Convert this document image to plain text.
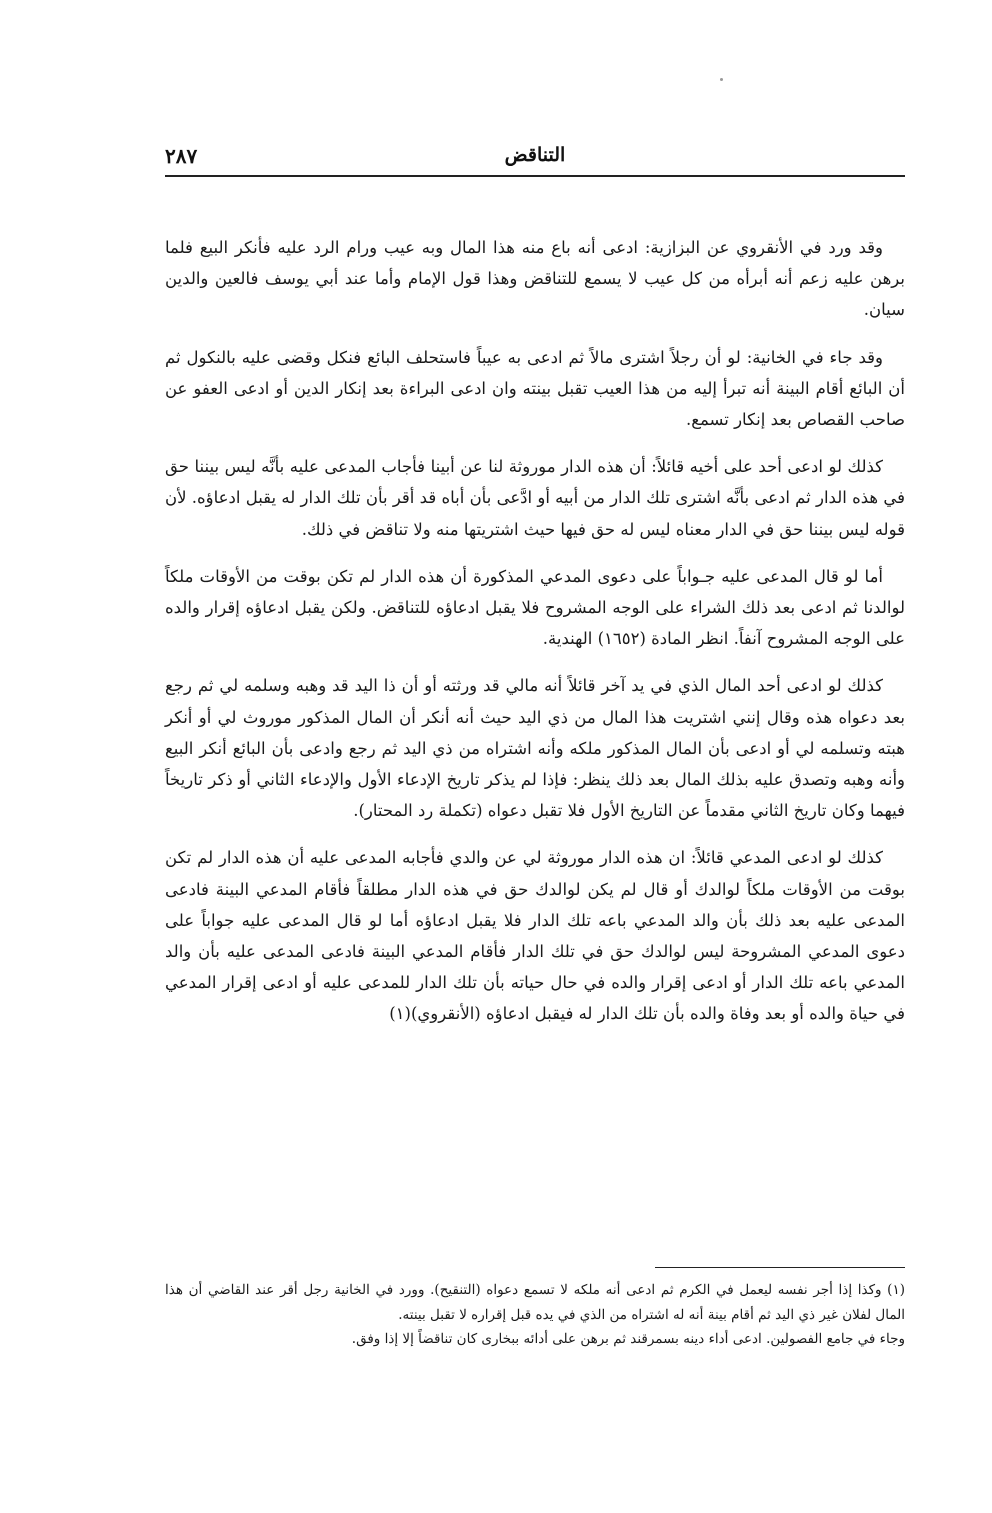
التناقض
٢٨٧

وقد ورد في الأنقروي عن البزازية: ادعى أنه باع منه هذا المال وبه عيب ورام الرد عليه فأنكر البيع فلما برهن عليه زعم أنه أبرأه من كل عيب لا يسمع للتناقض وهذا قول الإمام وأما عند أبي يوسف فالعين والدين سيان.

وقد جاء في الخانية: لو أن رجلاً اشترى مالاً ثم ادعى به عيباً فاستحلف البائع فنكل وقضى عليه بالنكول ثم أن البائع أقام البينة أنه تبرأ إليه من هذا العيب تقبل بينته وان ادعى البراءة بعد إنكار الدين أو ادعى العفو عن صاحب القصاص بعد إنكار تسمع.

كذلك لو ادعى أحد على أخيه قائلاً: أن هذه الدار موروثة لنا عن أبينا فأجاب المدعى عليه بأنَّه ليس بيننا حق في هذه الدار ثم ادعى بأنَّه اشترى تلك الدار من أبيه أو ادَّعى بأن أباه قد أقر بأن تلك الدار له يقبل ادعاؤه. لأن قوله ليس بيننا حق في الدار معناه ليس له حق فيها حيث اشتريتها منه ولا تناقض في ذلك.

أما لو قال المدعى عليه جـواباً على دعوى المدعي المذكورة أن هذه الدار لم تكن بوقت من الأوقات ملكاً لوالدنا ثم ادعى بعد ذلك الشراء على الوجه المشروح فلا يقبل ادعاؤه للتناقض. ولكن يقبل ادعاؤه إقرار والده على الوجه المشروح آنفاً. انظر المادة (١٦٥٢) الهندية.

كذلك لو ادعى أحد المال الذي في يد آخر قائلاً أنه مالي قد ورثته أو أن ذا اليد قد وهبه وسلمه لي ثم رجع بعد دعواه هذه وقال إنني اشتريت هذا المال من ذي اليد حيث أنه أنكر أن المال المذكور موروث لي أو أنكر هبته وتسلمه لي أو ادعى بأن المال المذكور ملكه وأنه اشتراه من ذي اليد ثم رجع وادعى بأن البائع أنكر البيع وأنه وهبه وتصدق عليه بذلك المال بعد ذلك ينظر: فإذا لم يذكر تاريخ الإدعاء الأول والإدعاء الثاني أو ذكر تاريخاً فيهما وكان تاريخ الثاني مقدماً عن التاريخ الأول فلا تقبل دعواه (تكملة رد المحتار).

كذلك لو ادعى المدعي قائلاً: ان هذه الدار موروثة لي عن والدي فأجابه المدعى عليه أن هذه الدار لم تكن بوقت من الأوقات ملكاً لوالدك أو قال لم يكن لوالدك حق في هذه الدار مطلقاً فأقام المدعي البينة فادعى المدعى عليه بعد ذلك بأن والد المدعي باعه تلك الدار فلا يقبل ادعاؤه أما لو قال المدعى عليه جواباً على دعوى المدعي المشروحة ليس لوالدك حق في تلك الدار فأقام المدعي البينة فادعى المدعى عليه بأن والد المدعي باعه تلك الدار أو ادعى إقرار والده في حال حياته بأن تلك الدار للمدعى عليه أو ادعى إقرار المدعي في حياة والده أو بعد وفاة والده بأن تلك الدار له فيقبل ادعاؤه (الأنقروي)(١)

(١) وكذا إذا أجر نفسه ليعمل في الكرم ثم ادعى أنه ملكه لا تسمع دعواه (التنقيح). وورد في الخانية رجل أقر عند القاضي أن هذا المال لفلان غير ذي اليد ثم أقام بينة أنه له اشتراه من الذي في يده قبل إقراره لا تقبل بينته.

وجاء في جامع الفصولين. ادعى أداء دينه بسمرقند ثم برهن على أدائه ببخارى كان تناقضاً إلا إذا وفق.
